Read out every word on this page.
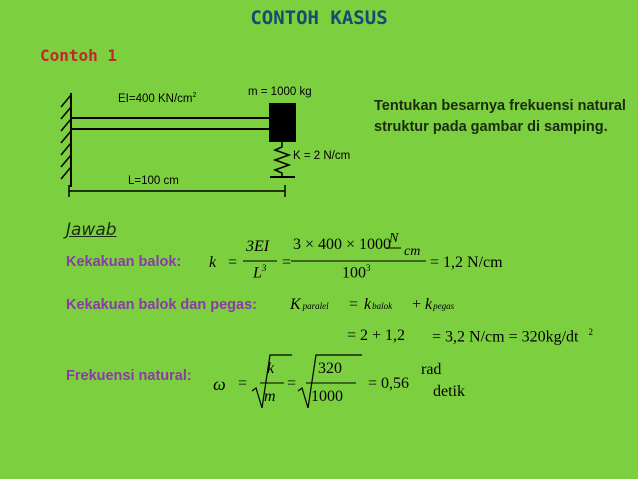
CONTOH KASUS
Contoh 1
EI=400 $KN/cm^2$	m = 1000 kg
K = 2 N/cm
L=100 cm
Tentukan besarnya frekuensi natural struktur pada gambar di samping.
Jawab
Kekakuan balok: k =
3EI
$L^3$ =
3 × 400 × 1000
N
cm
$100^3$	= 1,2 N/cm
Kekakuan balok dan pegas: Kparalel = kbalok + kpegas
= 2 + 1,2 = 3,2 N/cm = 320kg/dt $^2$
Frekuensi natural: ω =
k
m
=
320
1000
= 0,56
rad
detik
